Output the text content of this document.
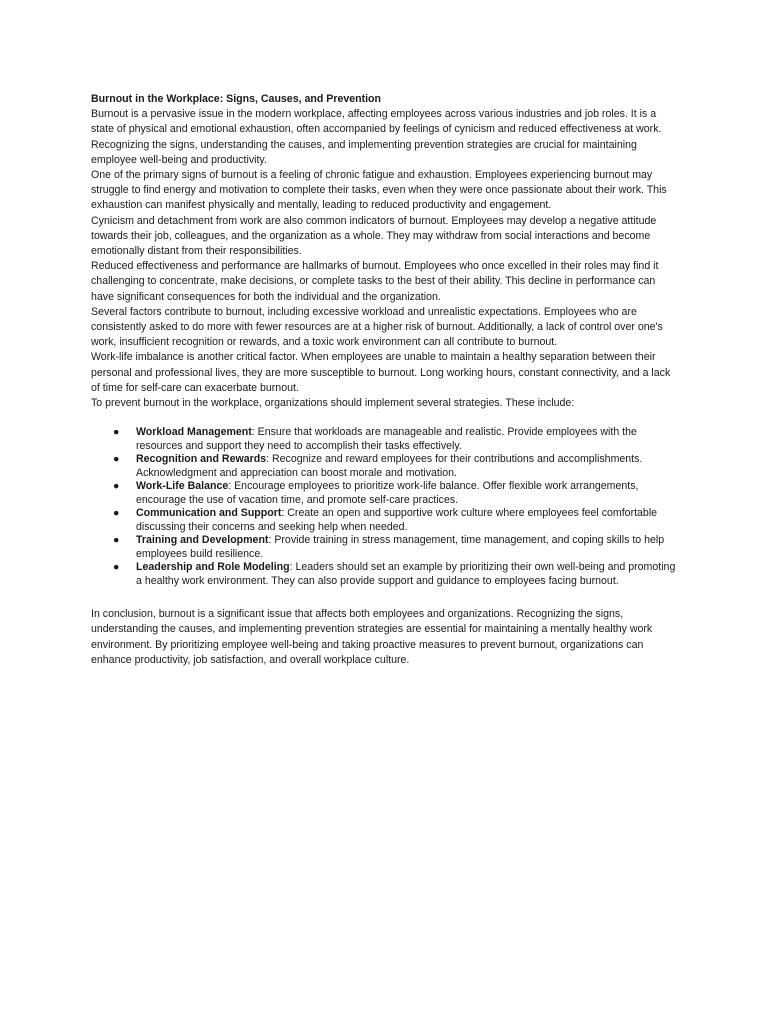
Burnout in the Workplace: Signs, Causes, and Prevention

Burnout is a pervasive issue in the modern workplace, affecting employees across various industries and job roles. It is a state of physical and emotional exhaustion, often accompanied by feelings of cynicism and reduced effectiveness at work. Recognizing the signs, understanding the causes, and implementing prevention strategies are crucial for maintaining employee well-being and productivity.

One of the primary signs of burnout is a feeling of chronic fatigue and exhaustion. Employees experiencing burnout may struggle to find energy and motivation to complete their tasks, even when they were once passionate about their work. This exhaustion can manifest physically and mentally, leading to reduced productivity and engagement.

Cynicism and detachment from work are also common indicators of burnout. Employees may develop a negative attitude towards their job, colleagues, and the organization as a whole. They may withdraw from social interactions and become emotionally distant from their responsibilities.

Reduced effectiveness and performance are hallmarks of burnout. Employees who once excelled in their roles may find it challenging to concentrate, make decisions, or complete tasks to the best of their ability. This decline in performance can have significant consequences for both the individual and the organization.

Several factors contribute to burnout, including excessive workload and unrealistic expectations. Employees who are consistently asked to do more with fewer resources are at a higher risk of burnout. Additionally, a lack of control over one's work, insufficient recognition or rewards, and a toxic work environment can all contribute to burnout.

Work-life imbalance is another critical factor. When employees are unable to maintain a healthy separation between their personal and professional lives, they are more susceptible to burnout. Long working hours, constant connectivity, and a lack of time for self-care can exacerbate burnout.

To prevent burnout in the workplace, organizations should implement several strategies. These include:

● Workload Management: Ensure that workloads are manageable and realistic. Provide employees with the resources and support they need to accomplish their tasks effectively.
● Recognition and Rewards: Recognize and reward employees for their contributions and accomplishments. Acknowledgment and appreciation can boost morale and motivation.
● Work-Life Balance: Encourage employees to prioritize work-life balance. Offer flexible work arrangements, encourage the use of vacation time, and promote self-care practices.
● Communication and Support: Create an open and supportive work culture where employees feel comfortable discussing their concerns and seeking help when needed.
● Training and Development: Provide training in stress management, time management, and coping skills to help employees build resilience.
● Leadership and Role Modeling: Leaders should set an example by prioritizing their own well-being and promoting a healthy work environment. They can also provide support and guidance to employees facing burnout.

In conclusion, burnout is a significant issue that affects both employees and organizations. Recognizing the signs, understanding the causes, and implementing prevention strategies are essential for maintaining a mentally healthy work environment. By prioritizing employee well-being and taking proactive measures to prevent burnout, organizations can enhance productivity, job satisfaction, and overall workplace culture.
